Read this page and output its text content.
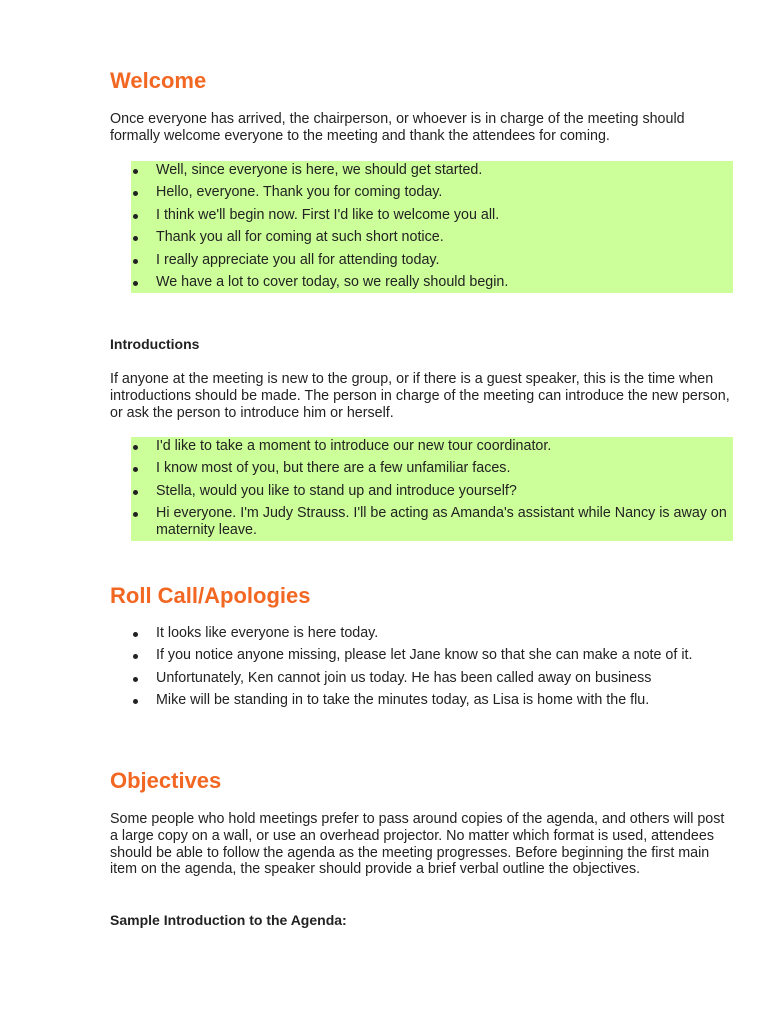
Welcome

Once everyone has arrived, the chairperson, or whoever is in charge of the meeting should formally welcome everyone to the meeting and thank the attendees for coming.

Well, since everyone is here, we should get started.
Hello, everyone. Thank you for coming today.
I think we'll begin now. First I'd like to welcome you all.
Thank you all for coming at such short notice.
I really appreciate you all for attending today.
We have a lot to cover today, so we really should begin.
Introductions

If anyone at the meeting is new to the group, or if there is a guest speaker, this is the time when introductions should be made. The person in charge of the meeting can introduce the new person, or ask the person to introduce him or herself.

I'd like to take a moment to introduce our new tour coordinator.
I know most of you, but there are a few unfamiliar faces.
Stella, would you like to stand up and introduce yourself?
Hi everyone. I'm Judy Strauss. I'll be acting as Amanda's assistant while Nancy is away on maternity leave.
Roll Call/Apologies
It looks like everyone is here today.
If you notice anyone missing, please let Jane know so that she can make a note of it.
Unfortunately, Ken cannot join us today. He has been called away on business
Mike will be standing in to take the minutes today, as Lisa is home with the flu.
Objectives

Some people who hold meetings prefer to pass around copies of the agenda, and others will post a large copy on a wall, or use an overhead projector. No matter which format is used, attendees should be able to follow the agenda as the meeting progresses. Before beginning the first main item on the agenda, the speaker should provide a brief verbal outline the objectives.

Sample Introduction to the Agenda:
